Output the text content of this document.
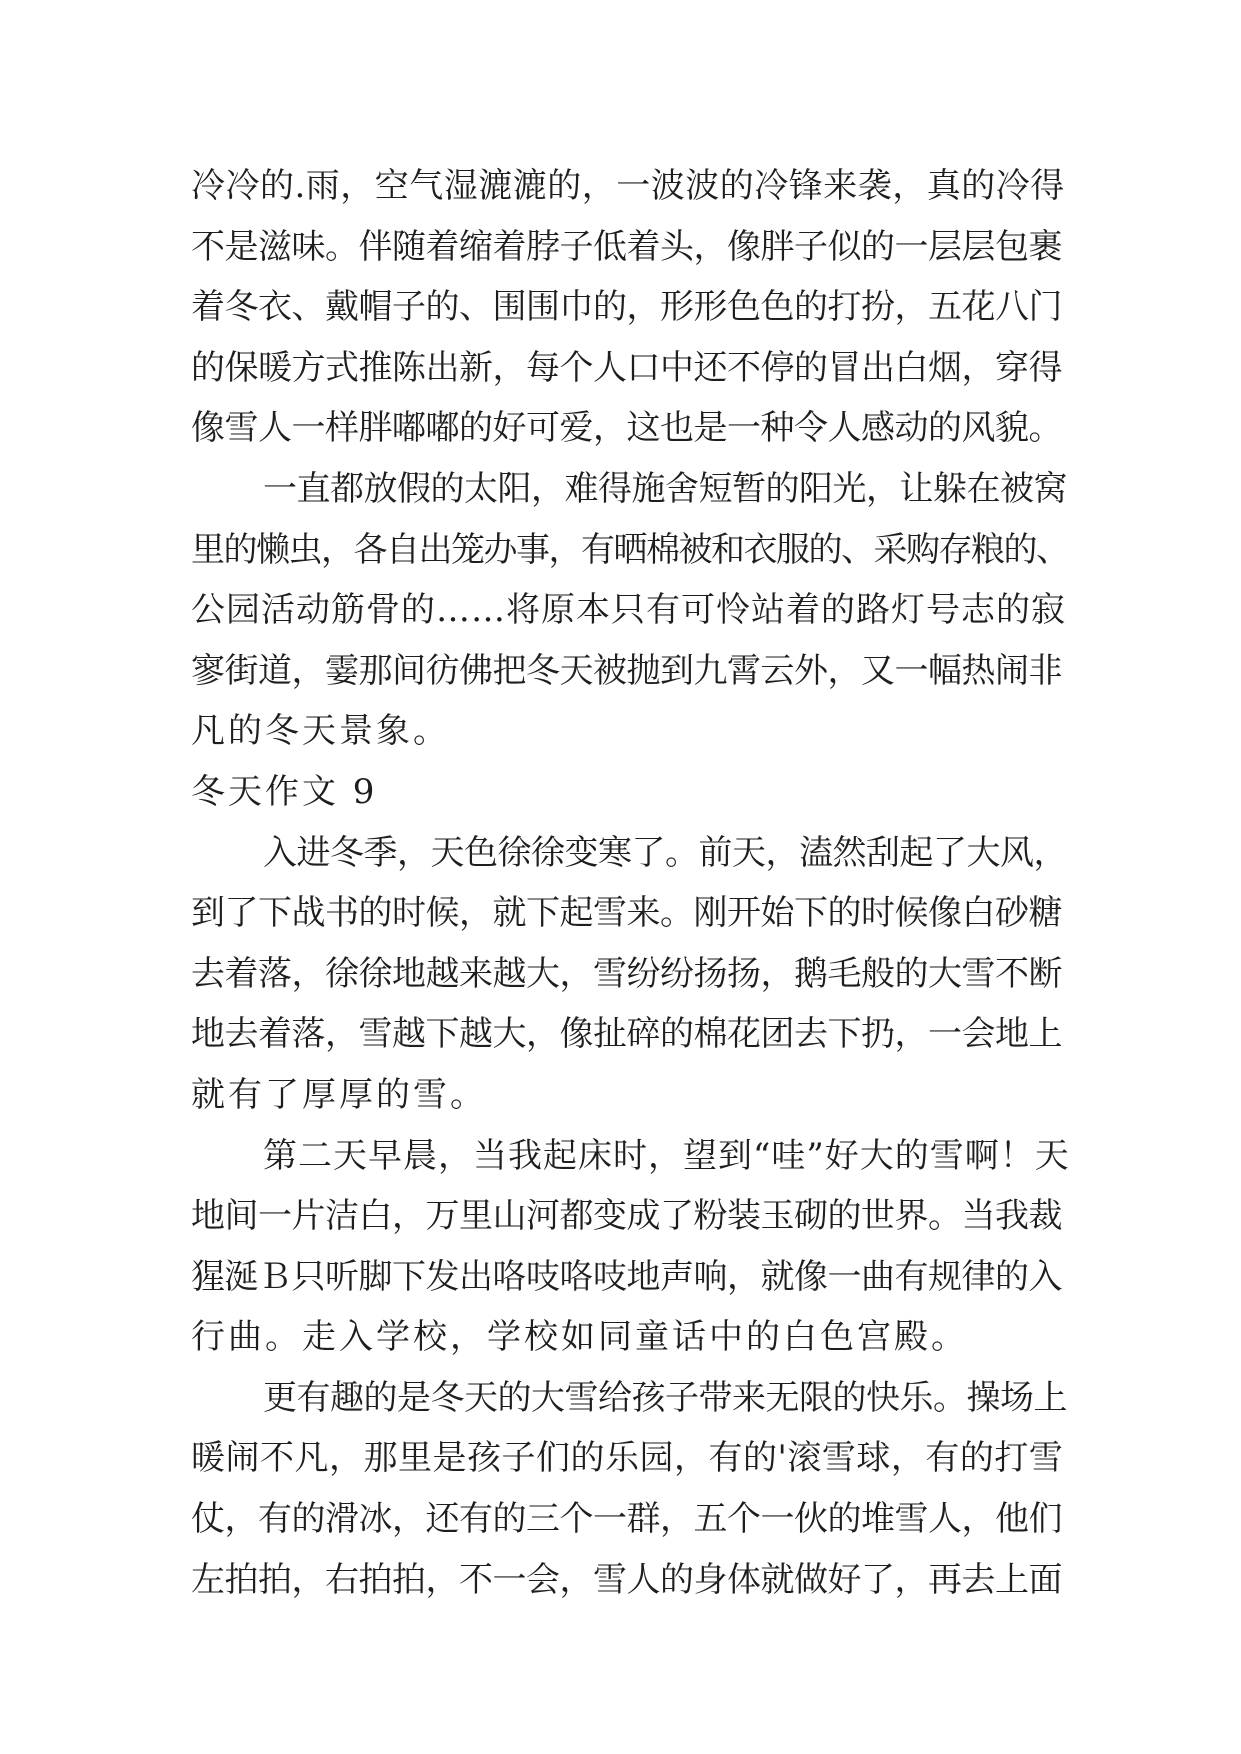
冷冷的.雨，空气湿漉漉的，一波波的冷锋来袭，真的冷得
不是滋味。伴随着缩着脖子低着头，像胖子似的一层层包裹
着冬衣、戴帽子的、围围巾的，形形色色的打扮，五花八门
的保暖方式推陈出新，每个人口中还不停的冒出白烟，穿得
像雪人一样胖嘟嘟的好可爱，这也是一种令人感动的风貌。
一直都放假的太阳，难得施舍短暂的阳光，让躲在被窝
里的懒虫，各自出笼办事，有晒棉被和衣服的、采购存粮的、
公园活动筋骨的……将原本只有可怜站着的路灯号志的寂
寥街道，霎那间彷佛把冬天被抛到九霄云外，又一幅热闹非
凡的冬天景象。
冬天作文 9
入进冬季，天色徐徐变寒了。前天，溘然刮起了大风，
到了下战书的时候，就下起雪来。刚开始下的时候像白砂糖
去着落，徐徐地越来越大，雪纷纷扬扬，鹅毛般的大雪不断
地去着落，雪越下越大，像扯碎的棉花团去下扔，一会地上
就有了厚厚的雪。
第二天早晨，当我起床时，望到“哇”好大的雪啊！天
地间一片洁白，万里山河都变成了粉装玉砌的世界。当我裁
猩涎Ｂ只听脚下发出咯吱咯吱地声响，就像一曲有规律的入
行曲。走入学校，学校如同童话中的白色宫殿。
更有趣的是冬天的大雪给孩子带来无限的快乐。操场上
暖闹不凡，那里是孩子们的乐园，有的'滚雪球，有的打雪
仗，有的滑冰，还有的三个一群，五个一伙的堆雪人，他们
左拍拍，右拍拍，不一会，雪人的身体就做好了，再去上面
